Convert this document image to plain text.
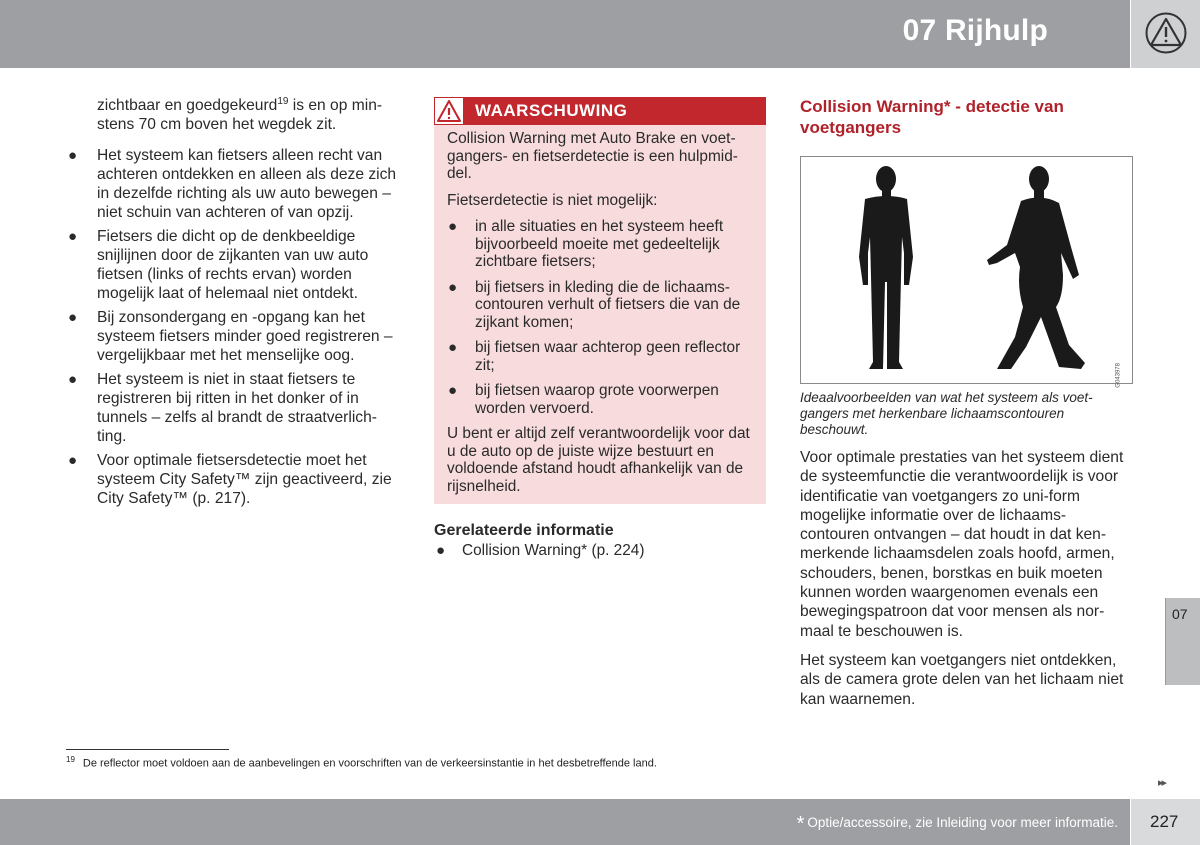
07 Rijhulp

zichtbaar en goedgekeurd$^{19}$ is en op min-stens 70 cm boven het wegdek zit.

● Het systeem kan fietsers alleen recht van achteren ontdekken en alleen als deze zich in dezelfde richting als uw auto bewegen – niet schuin van achteren of van opzij.
● Fietsers die dicht op de denkbeeldige snijlijnen door de zijkanten van uw auto fietsen (links of rechts ervan) worden mogelijk laat of helemaal niet ontdekt.
● Bij zonsondergang en -opgang kan het systeem fietsers minder goed registreren – vergelijkbaar met het menselijke oog.
● Het systeem is niet in staat fietsers te registreren bij ritten in het donker of in tunnels – zelfs al brandt de straatverlich-ting.
● Voor optimale fietsersdetectie moet het systeem City Safety™ zijn geactiveerd, zie City Safety™ (p. 217).
WAARSCHUWING

Collision Warning met Auto Brake en voet-gangers- en fietserdetectie is een hulpmid-del.

Fietserdetectie is niet mogelijk:

● in alle situaties en het systeem heeft bijvoorbeeld moeite met gedeeltelijk zichtbare fietsers;
● bij fietsers in kleding die de lichaams-contouren verhult of fietsers die van de zijkant komen;
● bij fietsen waar achterop geen reflector zit;
● bij fietsen waarop grote voorwerpen worden vervoerd.

U bent er altijd zelf verantwoordelijk voor dat u de auto op de juiste wijze bestuurt en voldoende afstand houdt afhankelijk van de rijsnelheid.

Gerelateerde informatie

● Collision Warning* (p. 224)

Collision Warning* - detectie van voetgangers

G043978
Ideaalvoorbeelden van wat het systeem als voet-gangers met herkenbare lichaamscontouren beschouwt.

Voor optimale prestaties van het systeem dient de systeemfunctie die verantwoordelijk is voor identificatie van voetgangers zo uni-form mogelijke informatie over de lichaams-contouren ontvangen – dat houdt in dat ken-merkende lichaamsdelen zoals hoofd, armen, schouders, benen, borstkas en buik moeten kunnen worden waargenomen evenals een bewegingspatroon dat voor mensen als nor-maal te beschouwen is.

Het systeem kan voetgangers niet ontdekken, als de camera grote delen van het lichaam niet kan waarnemen.

07
$^{19}$ De reflector moet voldoen aan de aanbevelingen en voorschriften van de verkeersinstantie in het desbetreffende land.
▸▸
* Optie/accessoire, zie Inleiding voor meer informatie. 227
